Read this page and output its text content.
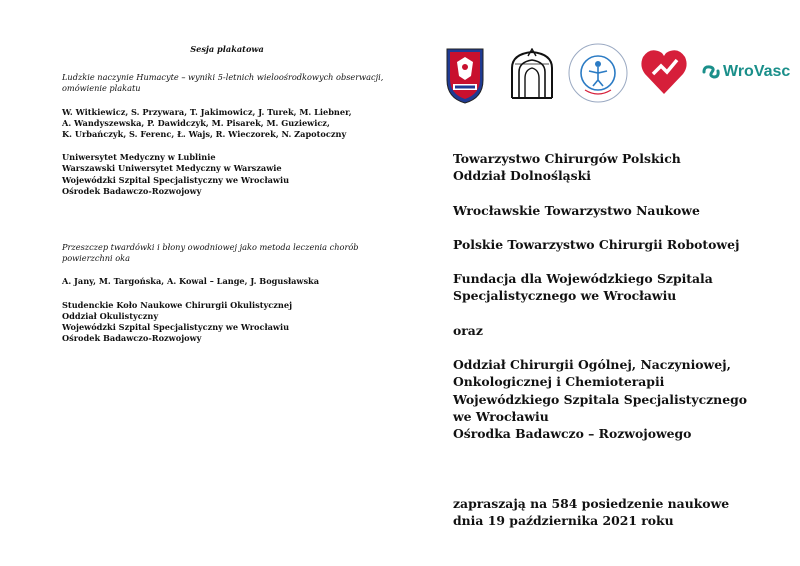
Sesja plakatowa
Ludzkie naczynie Humacyte – wyniki 5-letnich wieloośrodkowych obserwacji,
omówienie plakatu
W. Witkiewicz, S. Przywara, T. Jakimowicz, J. Turek, M. Liebner,
A. Wandyszewska, P. Dawidczyk, M. Pisarek, M. Guziewicz,
K. Urbańczyk, S. Ferenc, Ł. Wajs, R. Wieczorek, N. Zapotoczny
Uniwersytet Medyczny w Lublinie
Warszawski Uniwersytet Medyczny w Warszawie
Wojewódzki Szpital Specjalistyczny we Wrocławiu
Ośrodek Badawczo-Rozwojowy
Przeszczep twardówki i błony owodniowej jako metoda leczenia chorób
powierzchni oka
A. Jany, M. Targońska, A. Kowal – Lange, J. Bogusławska
Studenckie Koło Naukowe Chirurgii Okulistycznej
Oddział Okulistyczny
Wojewódzki Szpital Specjalistyczny we Wrocławiu
Ośrodek Badawczo-Rozwojowy
WroVasc

Towarzystwo Chirurgów Polskich

Oddział Dolnośląski

Wrocławskie Towarzystwo Naukowe

Polskie Towarzystwo Chirurgii Robotowej

Fundacja dla Wojewódzkiego Szpitala

Specjalistycznego we Wrocławiu

oraz

Oddział Chirurgii Ogólnej, Naczyniowej,

Onkologicznej i Chemioterapii

Wojewódzkiego Szpitala Specjalistycznego

we Wrocławiu

Ośrodka Badawczo – Rozwojowego

zapraszają na 584 posiedzenie naukowe

dnia 19 października 2021 roku
